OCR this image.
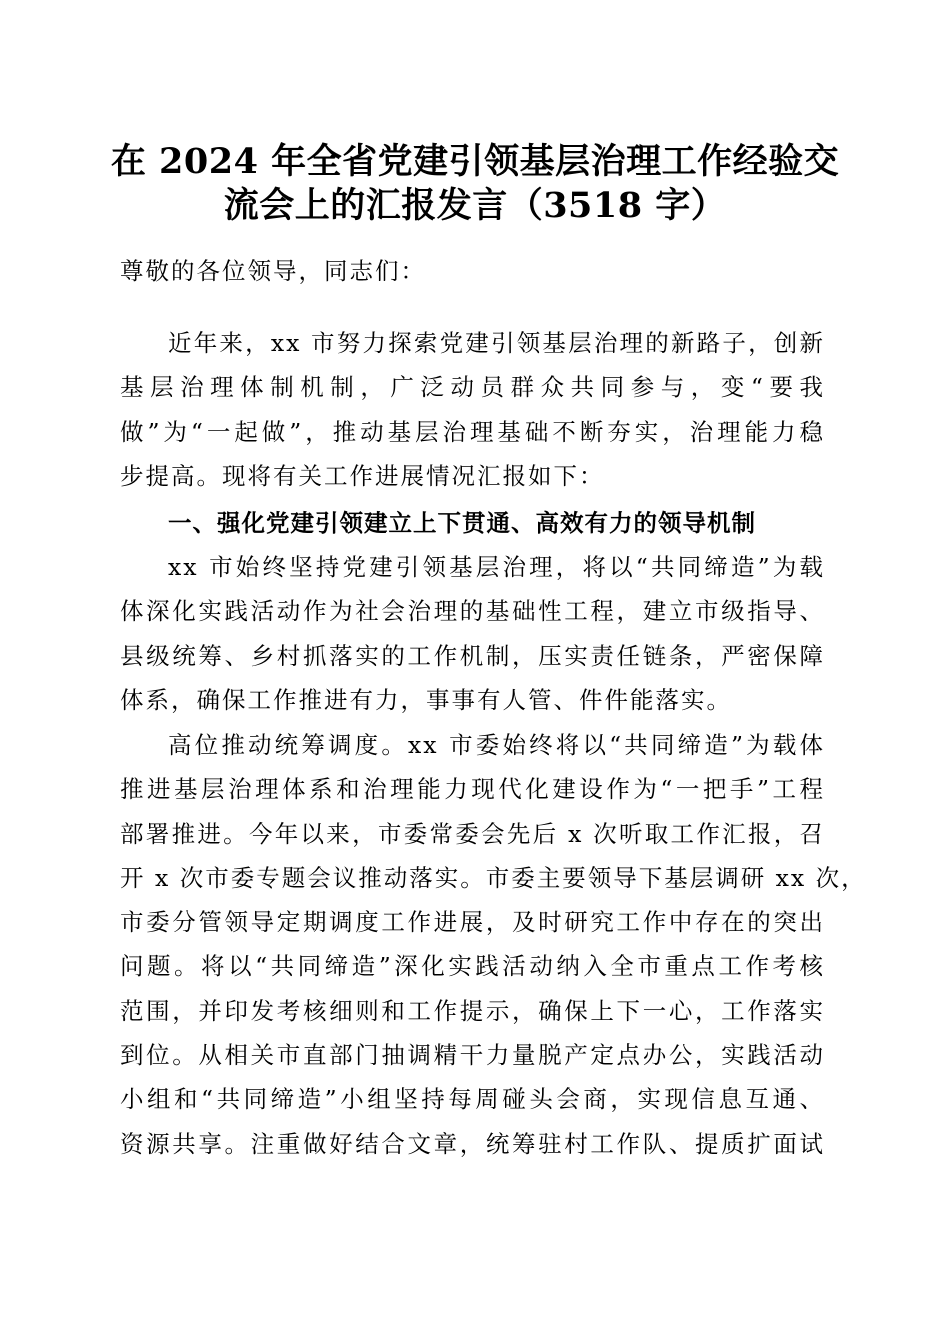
在 2024 年全省党建引领基层治理工作经验交
流会上的汇报发言（3518 字）
尊敬的各位领导，同志们：
近年来，xx 市努力探索党建引领基层治理的新路子，创新
基层治理体制机制，广泛动员群众共同参与，变“要我
做”为“一起做”，推动基层治理基础不断夯实，治理能力稳
步提高。现将有关工作进展情况汇报如下：
一、强化党建引领建立上下贯通、高效有力的领导机制
xx 市始终坚持党建引领基层治理，将以“共同缔造”为载
体深化实践活动作为社会治理的基础性工程，建立市级指导、
县级统筹、乡村抓落实的工作机制，压实责任链条，严密保障
体系，确保工作推进有力，事事有人管、件件能落实。
高位推动统筹调度。xx 市委始终将以“共同缔造”为载体
推进基层治理体系和治理能力现代化建设作为“一把手”工程
部署推进。今年以来，市委常委会先后 x 次听取工作汇报，召
开 x 次市委专题会议推动落实。市委主要领导下基层调研 xx 次，
市委分管领导定期调度工作进展，及时研究工作中存在的突出
问题。将以“共同缔造”深化实践活动纳入全市重点工作考核
范围，并印发考核细则和工作提示，确保上下一心，工作落实
到位。从相关市直部门抽调精干力量脱产定点办公，实践活动
小组和“共同缔造”小组坚持每周碰头会商，实现信息互通、
资源共享。注重做好结合文章，统筹驻村工作队、提质扩面试
